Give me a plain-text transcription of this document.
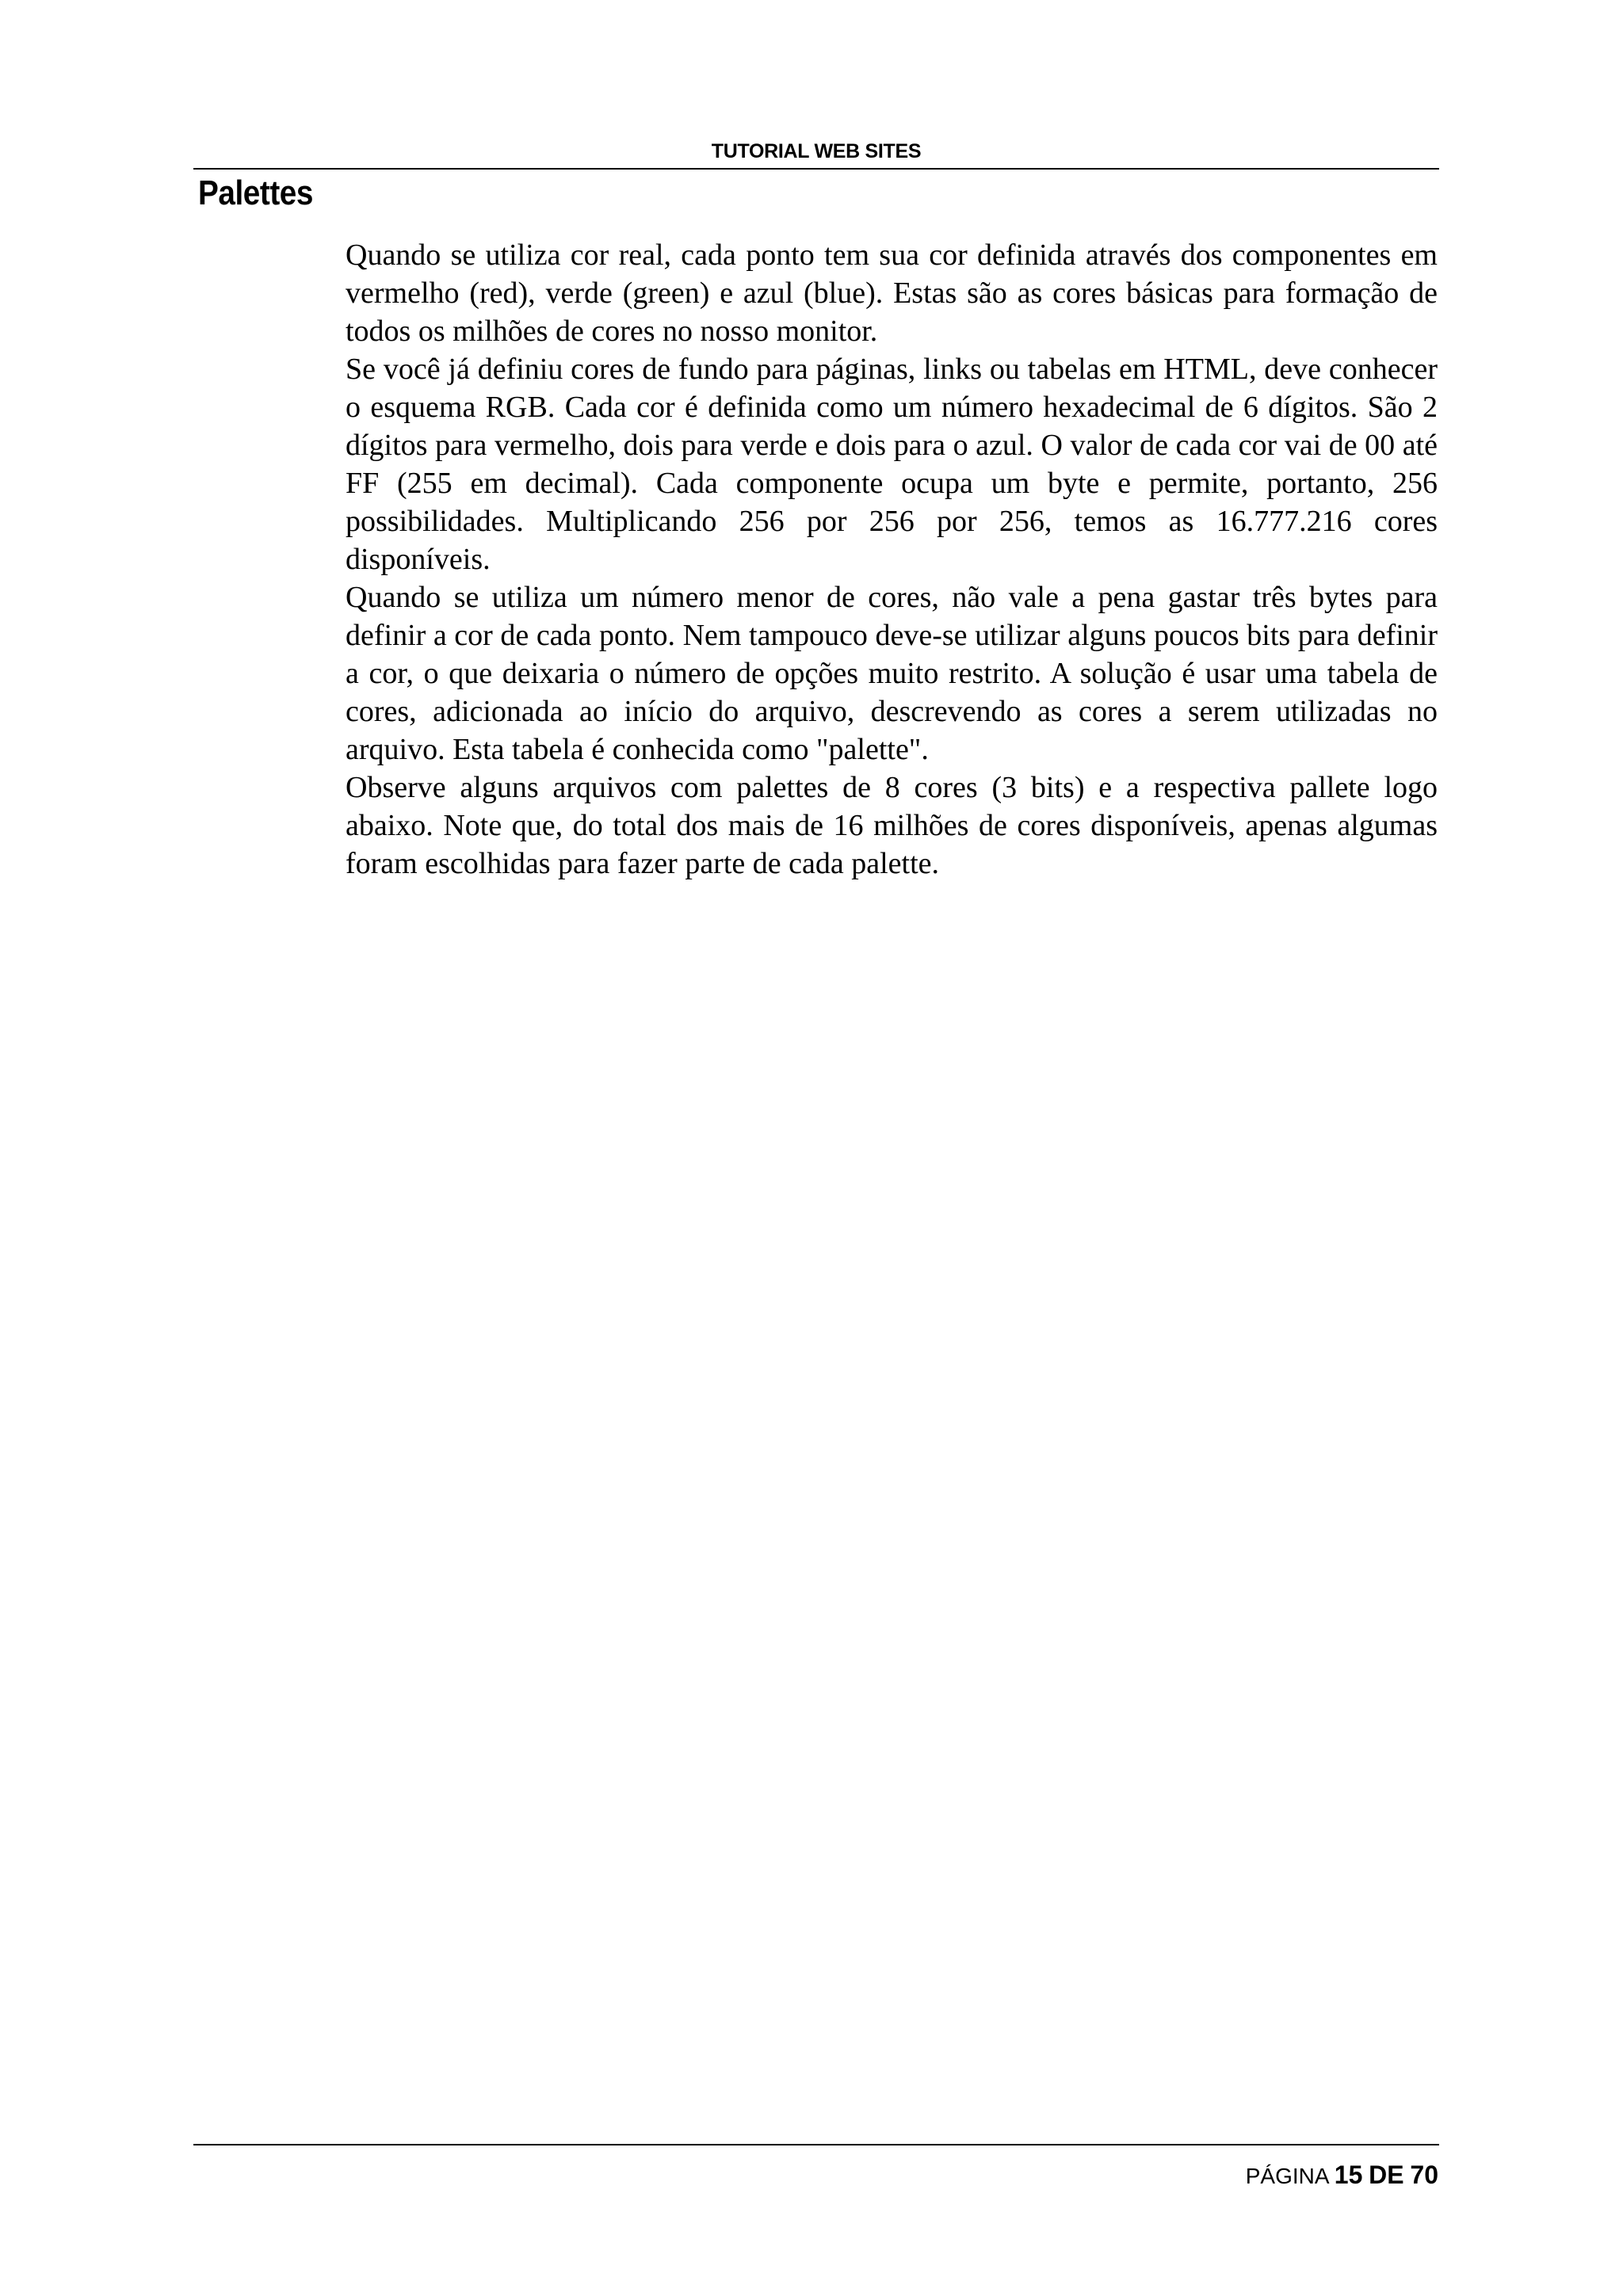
TUTORIAL WEB SITES
Palettes

Quando se utiliza cor real, cada ponto tem sua cor definida através dos componentes em vermelho (red), verde (green) e azul (blue). Estas são as cores básicas para formação de todos os milhões de cores no nosso monitor.

Se você já definiu cores de fundo para páginas, links ou tabelas em HTML, deve conhecer o esquema RGB. Cada cor é definida como um número hexadecimal de 6 dígitos. São 2 dígitos para vermelho, dois para verde e dois para o azul. O valor de cada cor vai de 00 até FF (255 em decimal). Cada componente ocupa um byte e permite, portanto, 256 possibilidades. Multiplicando 256 por 256 por 256, temos as 16.777.216 cores disponíveis.

Quando se utiliza um número menor de cores, não vale a pena gastar três bytes para definir a cor de cada ponto. Nem tampouco deve-se utilizar alguns poucos bits para definir a cor, o que deixaria o número de opções muito restrito. A solução é usar uma tabela de cores, adicionada ao início do arquivo, descrevendo as cores a serem utilizadas no arquivo. Esta tabela é conhecida como "palette".

Observe alguns arquivos com palettes de 8 cores (3 bits) e a respectiva pallete logo abaixo. Note que, do total dos mais de 16 milhões de cores disponíveis, apenas algumas foram escolhidas para fazer parte de cada palette.

PÁGINA 15 DE 70
